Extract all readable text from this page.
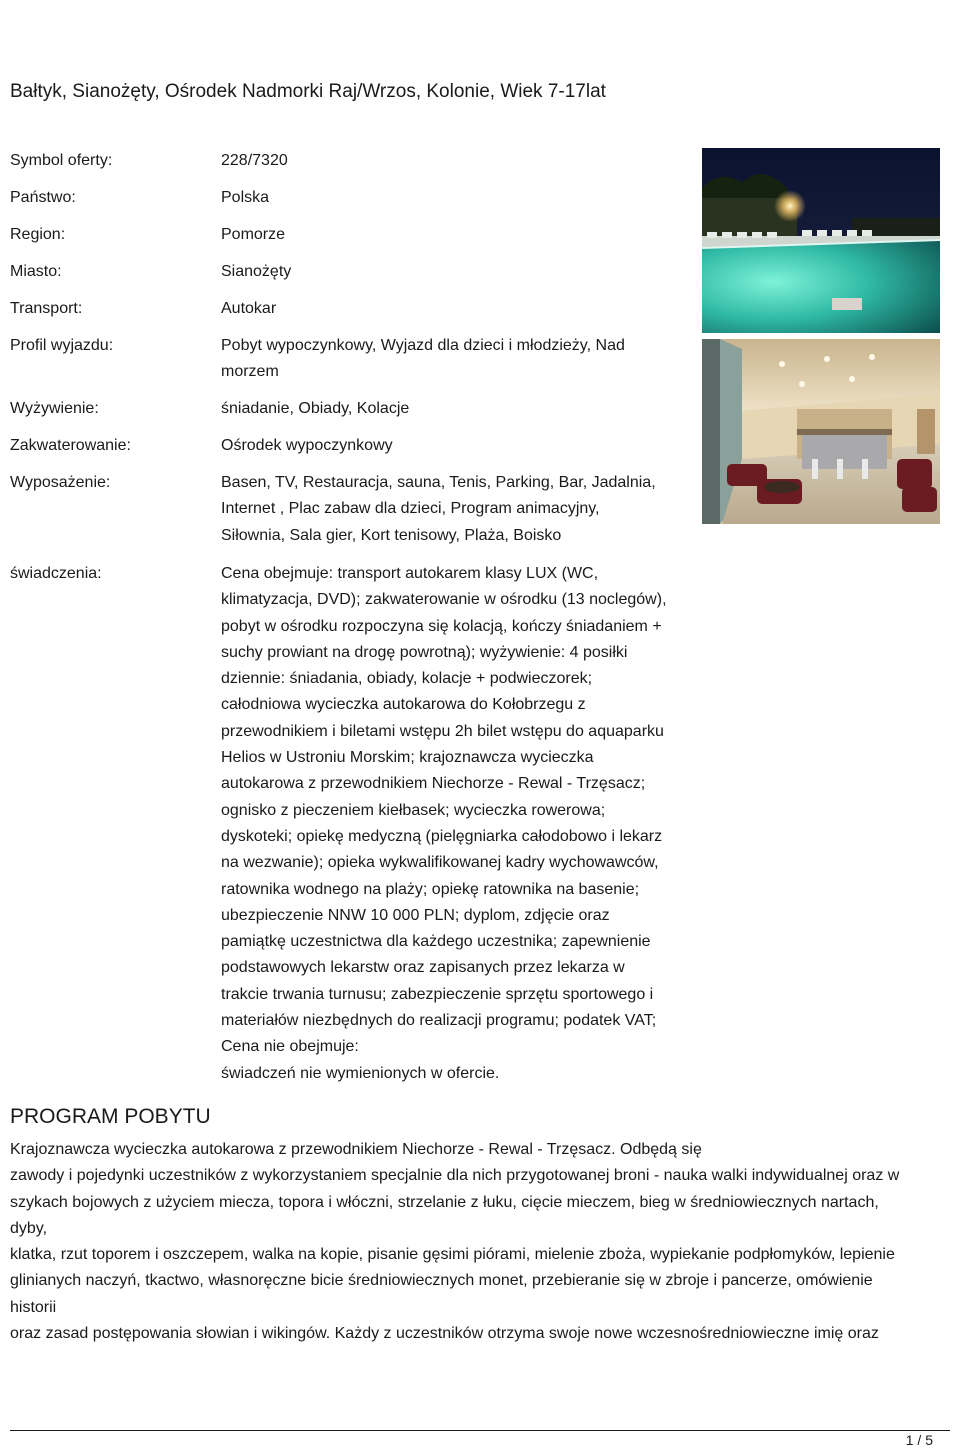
Bałtyk, Sianożęty, Ośrodek Nadmorki Raj/Wrzos, Kolonie, Wiek 7-17lat
Symbol oferty:	228/7320

Państwo:	Polska

Region:	Pomorze

Miasto:	Sianożęty

Transport:	Autokar

Profil wyjazdu:	Pobyt wypoczynkowy, Wyjazd dla dzieci i młodzieży, Nad

morzem

Wyżywienie:	śniadanie, Obiady, Kolacje

Zakwaterowanie:	Ośrodek wypoczynkowy

Wyposażenie:	Basen, TV, Restauracja, sauna, Tenis, Parking, Bar, Jadalnia,

Internet , Plac zabaw dla dzieci, Program animacyjny,

Siłownia, Sala gier, Kort tenisowy, Plaża, Boisko

świadczenia:	Cena obejmuje: transport autokarem klasy LUX (WC,

klimatyzacja, DVD); zakwaterowanie w ośrodku (13 noclegów),

pobyt w ośrodku rozpoczyna się kolacją, kończy śniadaniem +

suchy prowiant na drogę powrotną); wyżywienie: 4 posiłki

dziennie: śniadania, obiady, kolacje + podwieczorek;

całodniowa wycieczka autokarowa do Kołobrzegu z

przewodnikiem i biletami wstępu 2h bilet wstępu do aquaparku

Helios w Ustroniu Morskim; krajoznawcza wycieczka

autokarowa z przewodnikiem Niechorze - Rewal - Trzęsacz;

ognisko z pieczeniem kiełbasek; wycieczka rowerowa;

dyskoteki; opiekę medyczną (pielęgniarka całodobowo i lekarz

na wezwanie); opieka wykwalifikowanej kadry wychowawców,

ratownika wodnego na plaży; opiekę ratownika na basenie;

ubezpieczenie NNW 10 000 PLN; dyplom, zdjęcie oraz

pamiątkę uczestnictwa dla każdego uczestnika; zapewnienie

podstawowych lekarstw oraz zapisanych przez lekarza w

trakcie trwania turnusu; zabezpieczenie sprzętu sportowego i

materiałów niezbędnych do realizacji programu; podatek VAT;

Cena nie obejmuje:

świadczeń nie wymienionych w ofercie.

PROGRAM POBYTU

Krajoznawcza wycieczka autokarowa z przewodnikiem Niechorze - Rewal - Trzęsacz. Odbędą się

zawody i pojedynki uczestników z wykorzystaniem specjalnie dla nich przygotowanej broni - nauka walki indywidualnej oraz w

szykach bojowych z użyciem miecza, topora i włóczni, strzelanie z łuku, cięcie mieczem, bieg w średniowiecznych nartach,

dyby,

klatka, rzut toporem i oszczepem, walka na kopie, pisanie gęsimi piórami, mielenie zboża, wypiekanie podpłomyków, lepienie

glinianych naczyń, tkactwo, własnoręczne bicie średniowiecznych monet, przebieranie się w zbroje i pancerze, omówienie

historii

oraz zasad postępowania słowian i wikingów. Każdy z uczestników otrzyma swoje nowe wczesnośredniowieczne imię oraz

1 / 5
